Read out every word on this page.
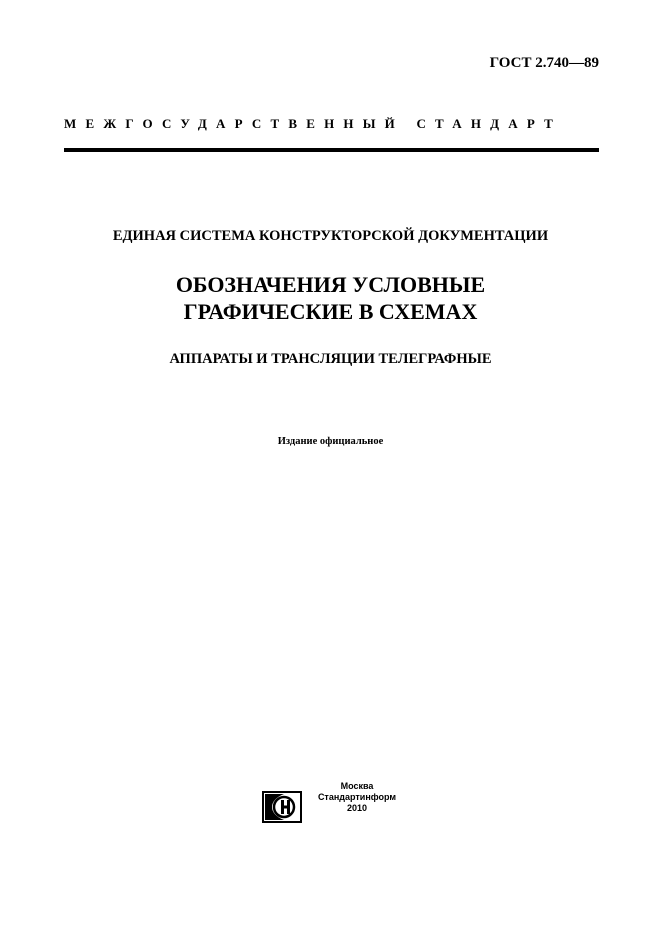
ГОСТ 2.740—89
МЕЖГОСУДАРСТВЕННЫЙ СТАНДАРТ
ЕДИНАЯ СИСТЕМА КОНСТРУКТОРСКОЙ ДОКУМЕНТАЦИИ
ОБОЗНАЧЕНИЯ УСЛОВНЫЕ
ГРАФИЧЕСКИЕ В СХЕМАХ
АППАРАТЫ И ТРАНСЛЯЦИИ ТЕЛЕГРАФНЫЕ
Издание официальное
Москва
Стандартинформ
2010
